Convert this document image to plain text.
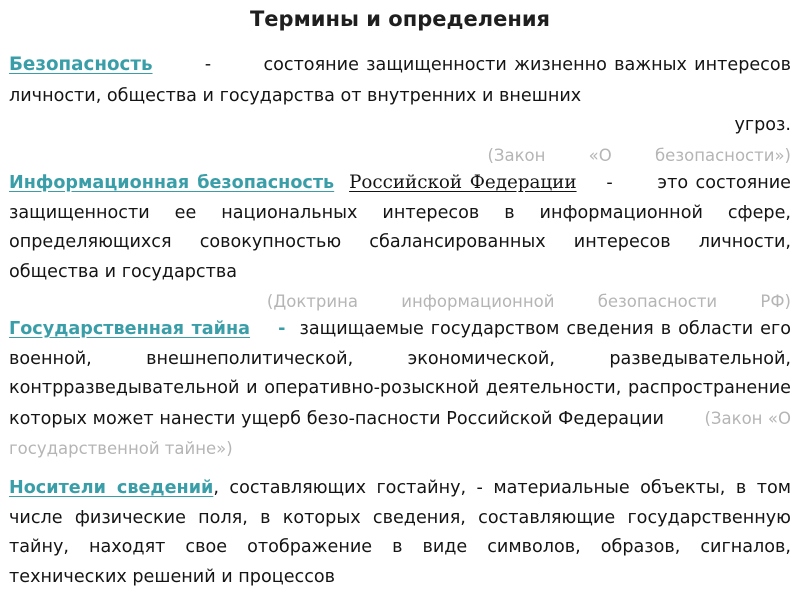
Термины и определения

Безопасность	-	состояние защищенности жизненно важных интересов личности, общества и государства от внутренних и внешних
угроз.
(Закон «О безопасности»)

Информационная безопасность Российской Федерации -	это состояние защищенности ее национальных интересов в информационной сфере, определяющихся совокупностью сбалансированных интересов личности, общества и государства
(Доктрина информационной безопасности РФ)

Государственная тайна - защищаемые государством сведения в области его военной, внешнеполитической, экономической, разведывательной, контрразведывательной и оперативно-розыскной деятельности, распространение которых может нанести ущерб безо-пасности Российской Федерации (Закон «О государственной тайне»)

Носители сведений, составляющих гостайну, - материальные объекты, в том числе физические поля, в которых сведения, составляющие государственную тайну, находят свое отображение в виде символов, образов, сигналов, технических решений и процессов
